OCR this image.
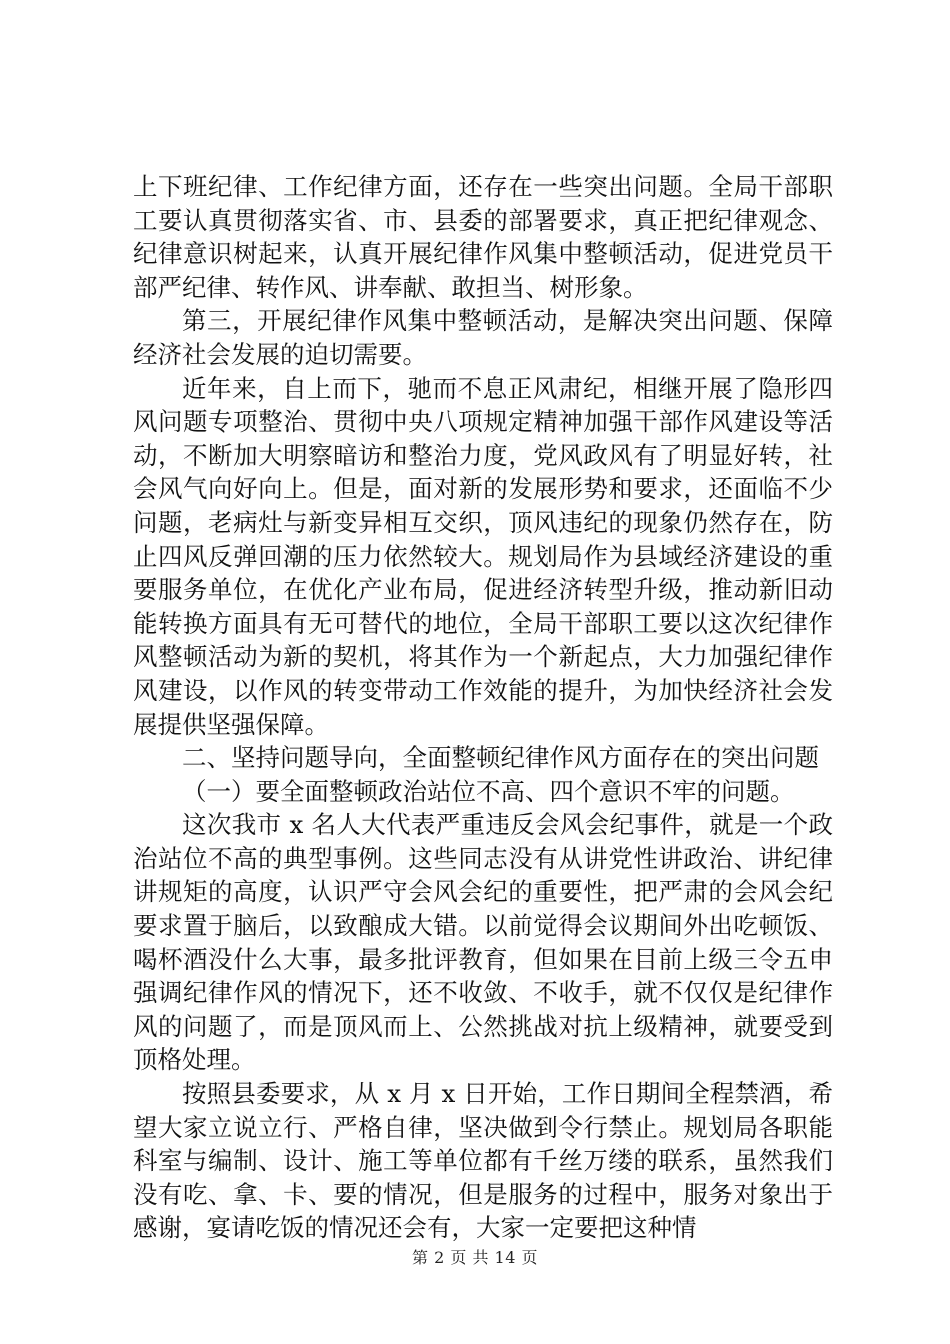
上下班纪律、工作纪律方面，还存在一些突出问题。全局干部职工要认真贯彻落实省、市、县委的部署要求，真正把纪律观念、纪律意识树起来，认真开展纪律作风集中整顿活动，促进党员干部严纪律、转作风、讲奉献、敢担当、树形象。

第三，开展纪律作风集中整顿活动，是解决突出问题、保障经济社会发展的迫切需要。

近年来，自上而下，驰而不息正风肃纪，相继开展了隐形四风问题专项整治、贯彻中央八项规定精神加强干部作风建设等活动，不断加大明察暗访和整治力度，党风政风有了明显好转，社会风气向好向上。但是，面对新的发展形势和要求，还面临不少问题，老病灶与新变异相互交织，顶风违纪的现象仍然存在，防止四风反弹回潮的压力依然较大。规划局作为县域经济建设的重要服务单位，在优化产业布局，促进经济转型升级，推动新旧动能转换方面具有无可替代的地位，全局干部职工要以这次纪律作风整顿活动为新的契机，将其作为一个新起点，大力加强纪律作风建设，以作风的转变带动工作效能的提升，为加快经济社会发展提供坚强保障。

二、坚持问题导向，全面整顿纪律作风方面存在的突出问题

（一）要全面整顿政治站位不高、四个意识不牢的问题。

这次我市 x 名人大代表严重违反会风会纪事件，就是一个政治站位不高的典型事例。这些同志没有从讲党性讲政治、讲纪律讲规矩的高度，认识严守会风会纪的重要性，把严肃的会风会纪要求置于脑后，以致酿成大错。以前觉得会议期间外出吃顿饭、喝杯酒没什么大事，最多批评教育，但如果在目前上级三令五申强调纪律作风的情况下，还不收敛、不收手，就不仅仅是纪律作风的问题了，而是顶风而上、公然挑战对抗上级精神，就要受到顶格处理。

按照县委要求，从 x 月 x 日开始，工作日期间全程禁酒，希望大家立说立行、严格自律，坚决做到令行禁止。规划局各职能科室与编制、设计、施工等单位都有千丝万缕的联系，虽然我们没有吃、拿、卡、要的情况，但是服务的过程中，服务对象出于感谢，宴请吃饭的情况还会有，大家一定要把这种情

第 2 页 共 14 页
